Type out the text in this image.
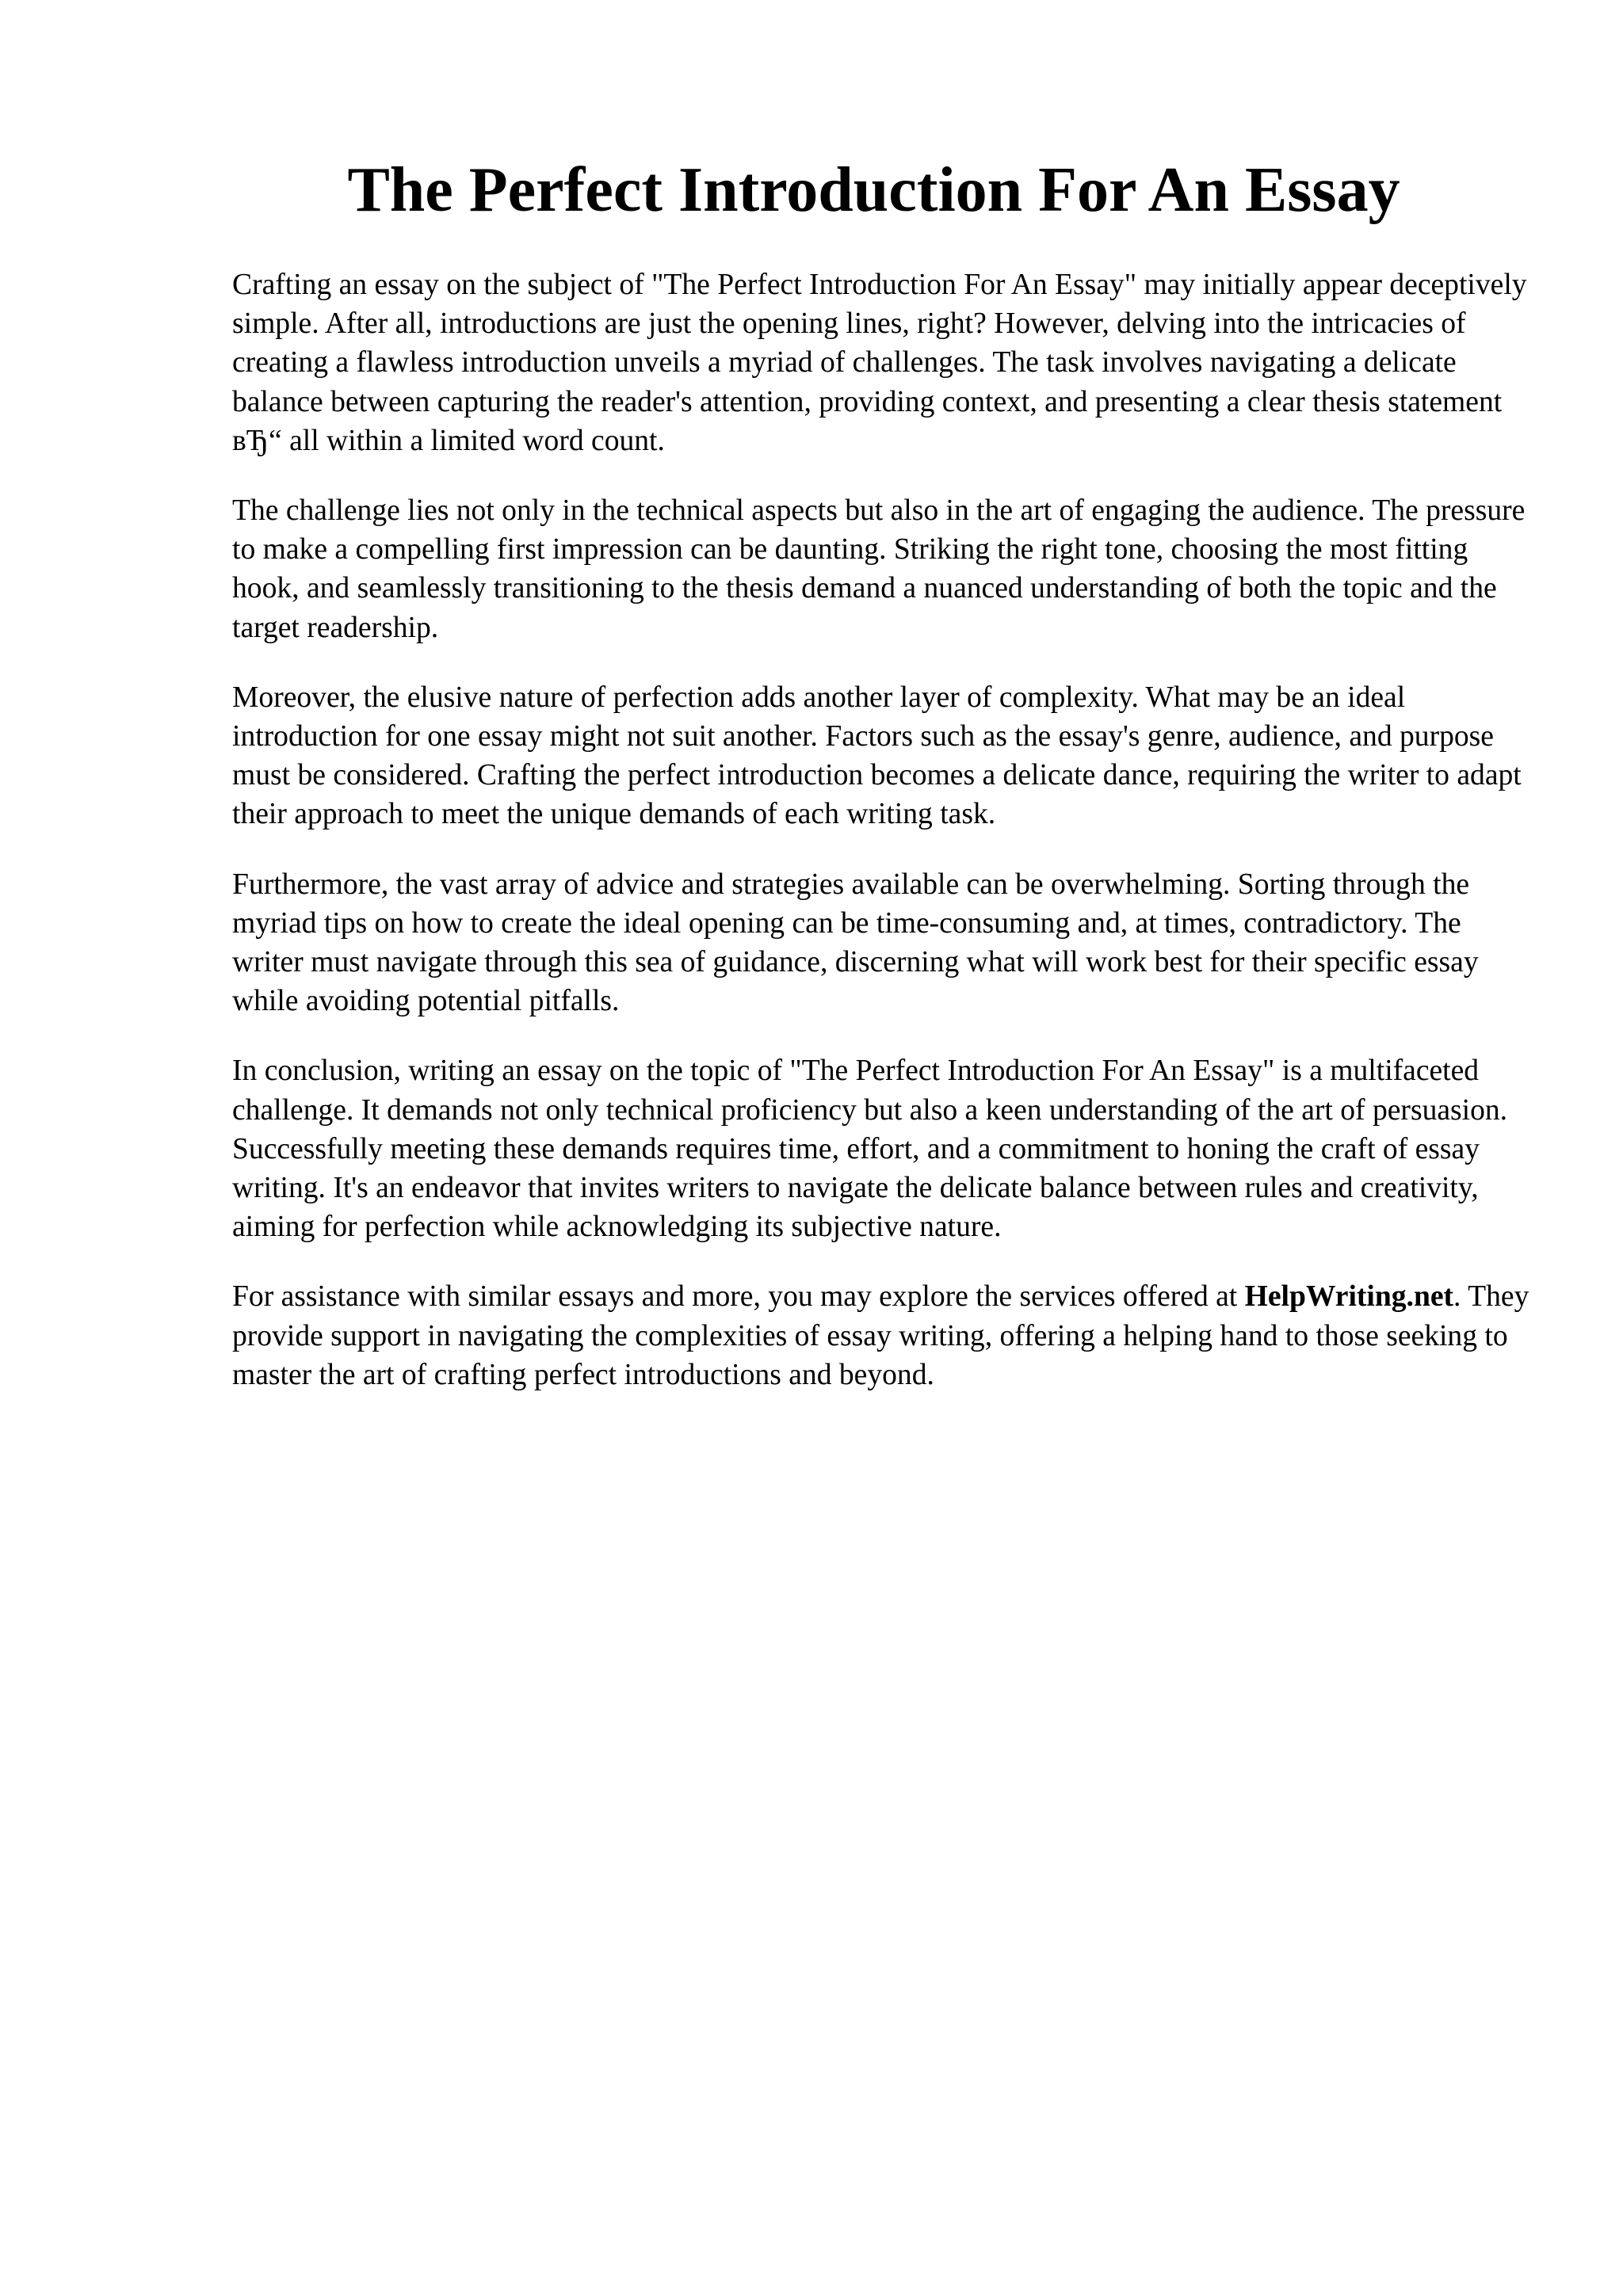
The Perfect Introduction For An Essay

Crafting an essay on the subject of "The Perfect Introduction For An Essay" may initially appear deceptively simple. After all, introductions are just the opening lines, right? However, delving into the intricacies of creating a flawless introduction unveils a myriad of challenges. The task involves navigating a delicate balance between capturing the reader's attention, providing context, and presenting a clear thesis statement вЂ“ all within a limited word count.

The challenge lies not only in the technical aspects but also in the art of engaging the audience. The pressure to make a compelling first impression can be daunting. Striking the right tone, choosing the most fitting hook, and seamlessly transitioning to the thesis demand a nuanced understanding of both the topic and the target readership.

Moreover, the elusive nature of perfection adds another layer of complexity. What may be an ideal introduction for one essay might not suit another. Factors such as the essay's genre, audience, and purpose must be considered. Crafting the perfect introduction becomes a delicate dance, requiring the writer to adapt their approach to meet the unique demands of each writing task.

Furthermore, the vast array of advice and strategies available can be overwhelming. Sorting through the myriad tips on how to create the ideal opening can be time-consuming and, at times, contradictory. The writer must navigate through this sea of guidance, discerning what will work best for their specific essay while avoiding potential pitfalls.

In conclusion, writing an essay on the topic of "The Perfect Introduction For An Essay" is a multifaceted challenge. It demands not only technical proficiency but also a keen understanding of the art of persuasion. Successfully meeting these demands requires time, effort, and a commitment to honing the craft of essay writing. It's an endeavor that invites writers to navigate the delicate balance between rules and creativity, aiming for perfection while acknowledging its subjective nature.

For assistance with similar essays and more, you may explore the services offered at HelpWriting.net. They provide support in navigating the complexities of essay writing, offering a helping hand to those seeking to master the art of crafting perfect introductions and beyond.
